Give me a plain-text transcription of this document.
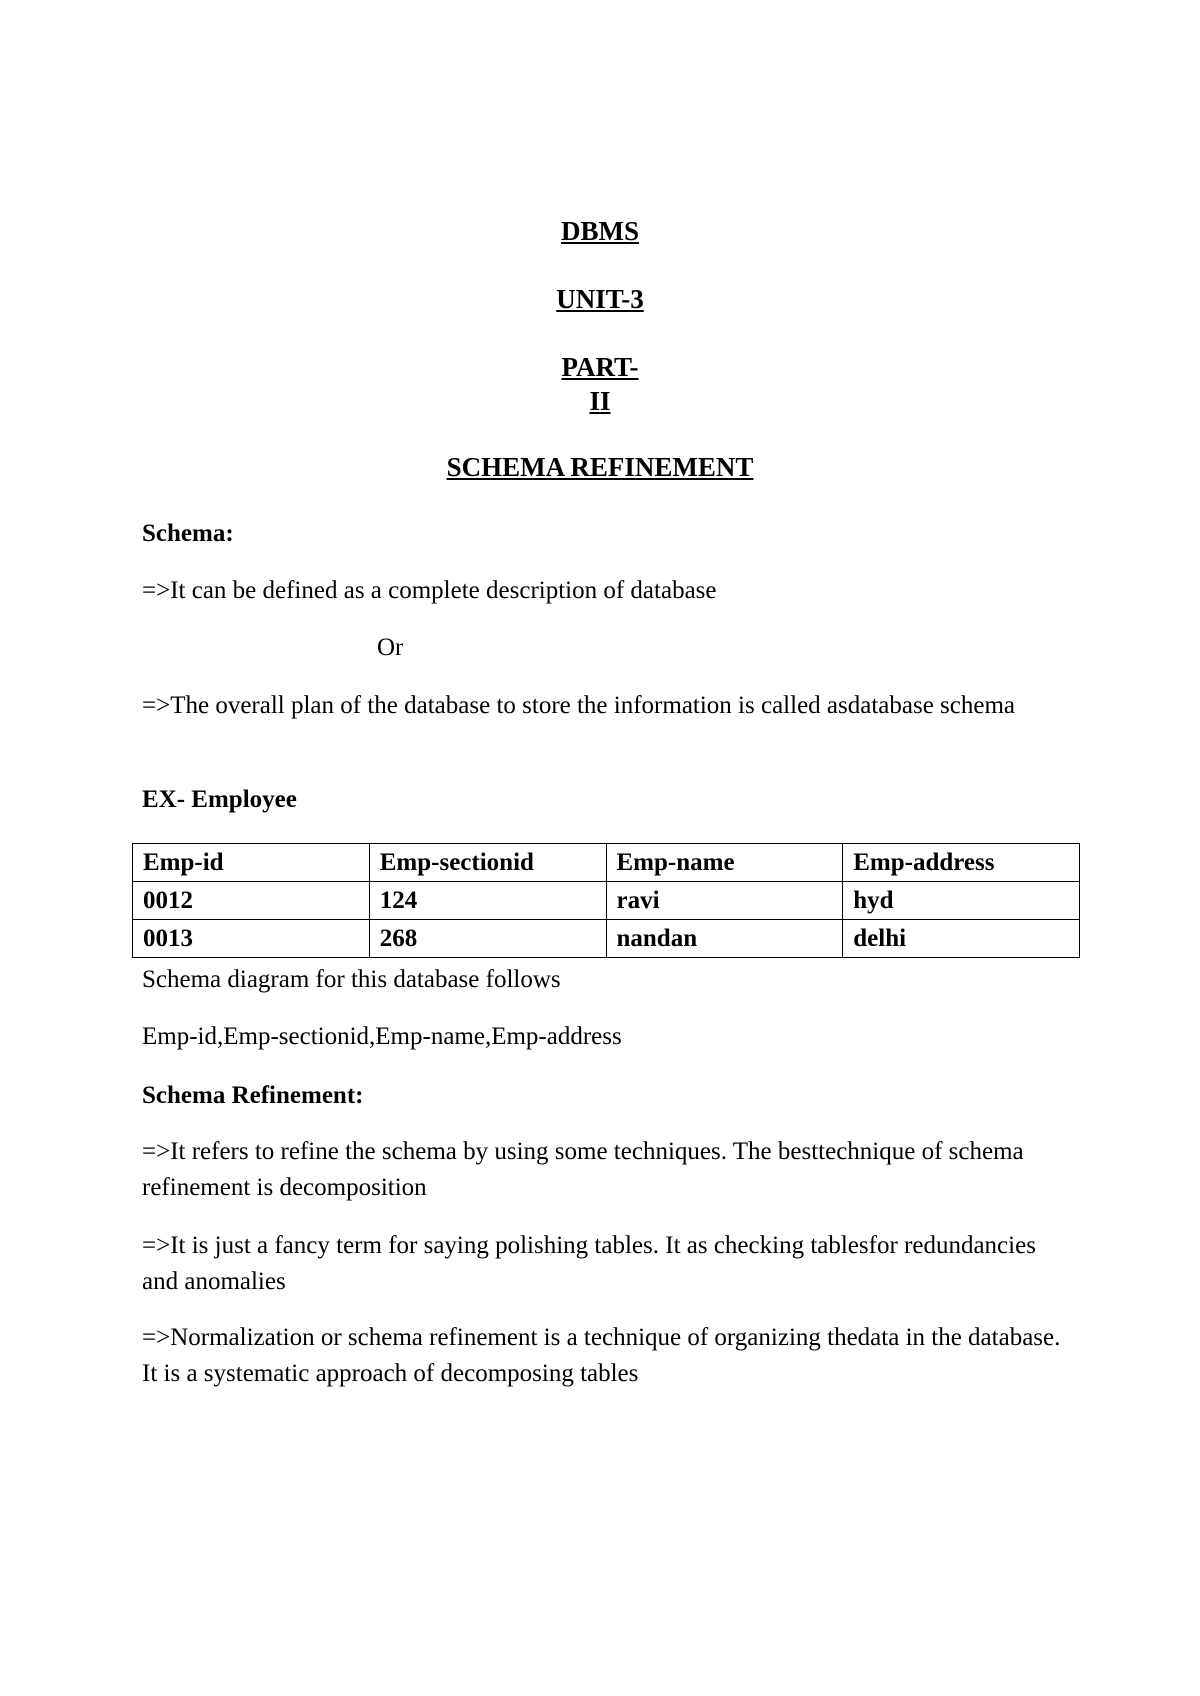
DBMS
UNIT-3
PART-
II
SCHEMA REFINEMENT

Schema:

=>It can be defined as a complete description of database

Or

=>The overall plan of the database to store the information is called asdatabase schema

EX- Employee

Emp-id	Emp-sectionid	Emp-name	Emp-address
0012	124	ravi	hyd
0013	268	nandan	delhi

Schema diagram for this database follows

Emp-id,Emp-sectionid,Emp-name,Emp-address

Schema Refinement:

=>It refers to refine the schema by using some techniques. The besttechnique of schema refinement is decomposition

=>It is just a fancy term for saying polishing tables. It as checking tablesfor redundancies and anomalies

=>Normalization or schema refinement is a technique of organizing thedata in the database. It is a systematic approach of decomposing tables
